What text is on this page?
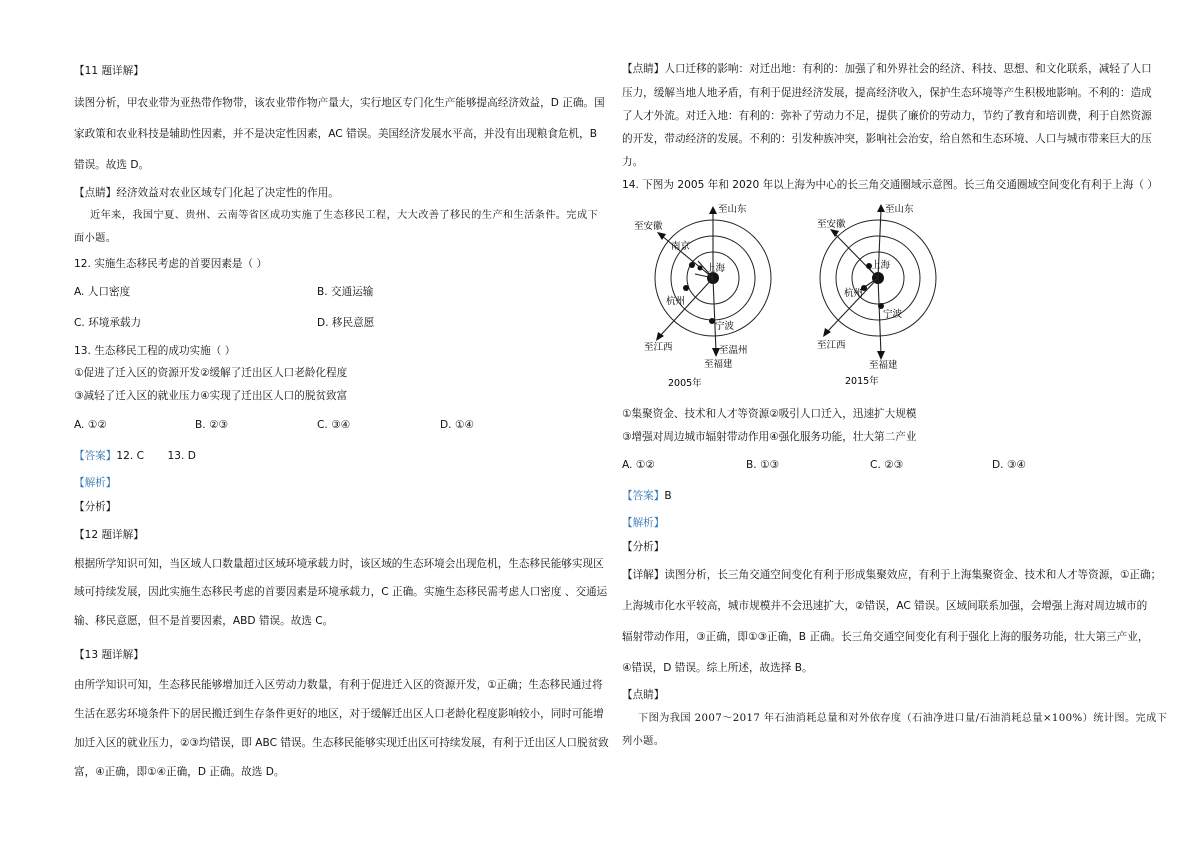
【11 题详解】
读图分析，甲农业带为亚热带作物带，该农业带作物产量大，实行地区专门化生产能够提高经济效益，D 正确。国
家政策和农业科技是辅助性因素，并不是决定性因素，AC 错误。美国经济发展水平高，并没有出现粮食危机，B
错误。故选 D。
【点睛】经济效益对农业区域专门化起了决定性的作用。
近年来，我国宁夏、贵州、云南等省区成功实施了生态移民工程，大大改善了移民的生产和生活条件。完成下
面小题。
12. 实施生态移民考虑的首要因素是（ ）
A. 人口密度	B. 交通运输
C. 环境承载力	D. 移民意愿
13. 生态移民工程的成功实施（ ）
①促进了迁入区的资源开发②缓解了迁出区人口老龄化程度
③减轻了迁入区的就业压力④实现了迁出区人口的脱贫致富
A. ①②	B. ②③	C. ③④	D. ①④
【答案】12. C       13. D
【解析】
【分析】
【12 题详解】
根据所学知识可知，当区域人口数量超过区域环境承载力时，该区域的生态环境会出现危机，生态移民能够实现区
域可持续发展，因此实施生态移民考虑的首要因素是环境承载力，C 正确。实施生态移民需考虑人口密度 、交通运
输、移民意愿，但不是首要因素，ABD 错误。故选 C。
【13 题详解】
由所学知识可知，生态移民能够增加迁入区劳动力数量，有利于促进迁入区的资源开发，①正确；生态移民通过将
生活在恶劣环境条件下的居民搬迁到生存条件更好的地区，对于缓解迁出区人口老龄化程度影响较小，同时可能增
加迁入区的就业压力，②③均错误，即 ABC 错误。生态移民能够实现迁出区可持续发展，有利于迁出区人口脱贫致
富，④正确，即①④正确，D 正确。故选 D。
【点睛】人口迁移的影响：对迁出地：有利的：加强了和外界社会的经济、科技、思想、和文化联系，减轻了人口
压力，缓解当地人地矛盾，有利于促进经济发展，提高经济收入，保护生态环境等产生积极地影响。不利的：造成
了人才外流。对迁入地：有利的：弥补了劳动力不足，提供了廉价的劳动力，节约了教育和培训费，利于自然资源
的开发，带动经济的发展。不利的：引发种族冲突，影响社会治安，给自然和生态环境、人口与城市带来巨大的压
力。
14. 下图为 2005 年和 2020 年以上海为中心的长三角交通圈域示意图。长三角交通圈域空间变化有利于上海（ ）
至山东
至安徽
南京
上海
杭州
宁波
至江西	至温州
至福建
2005年
至山东
至安徽
上海
杭州
宁波
至江西
至福建
2015年
①集聚资金、技术和人才等资源②吸引人口迁入，迅速扩大规模
③增强对周边城市辐射带动作用④强化服务功能，壮大第二产业
A. ①②	B. ①③	C. ②③	D. ③④
【答案】B
【解析】
【分析】
【详解】读图分析，长三角交通空间变化有利于形成集聚效应，有利于上海集聚资金、技术和人才等资源，①正确；
上海城市化水平较高，城市规模并不会迅速扩大，②错误，AC 错误。区域间联系加强，会增强上海对周边城市的
辐射带动作用，③正确，即①③正确，B 正确。长三角交通空间变化有利于强化上海的服务功能，壮大第三产业，
④错误，D 错误。综上所述，故选择 B。
【点睛】
下图为我国 2007～2017 年石油消耗总量和对外依存度（石油净进口量/石油消耗总量×100%）统计图。完成下
列小题。
